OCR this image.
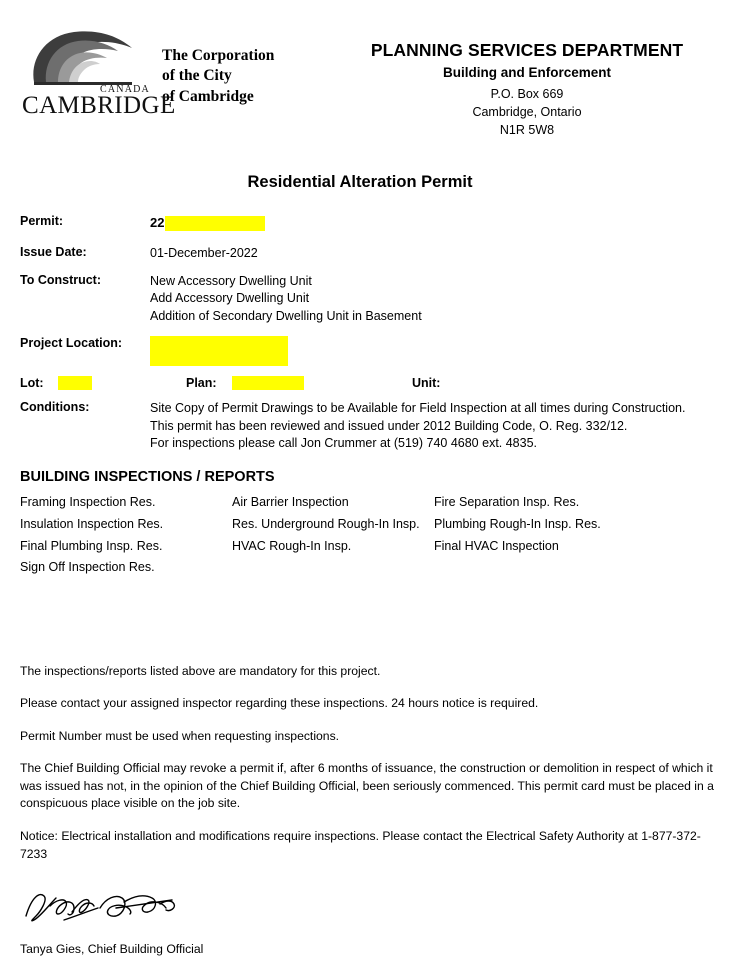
CANADA
CAMBRIDGE
The Corporation
of the City
of Cambridge
PLANNING SERVICES DEPARTMENT
Building and Enforcement
P.O. Box 669
Cambridge, Ontario
N1R 5W8
Residential Alteration Permit
Permit:	22
Issue Date:	01-December-2022
To Construct:	New Accessory Dwelling Unit
Add Accessory Dwelling Unit
Addition of Secondary Dwelling Unit in Basement
Project Location:
Lot:	Plan:	Unit:
Conditions:	Site Copy of Permit Drawings to be Available for Field Inspection at all times during Construction.
This permit has been reviewed and issued under 2012 Building Code, O. Reg. 332/12.
For inspections please call Jon Crummer at (519) 740 4680 ext. 4835.
BUILDING INSPECTIONS / REPORTS
Framing Inspection Res.	Air Barrier Inspection	Fire Separation Insp. Res.
Insulation Inspection Res.	Res. Underground Rough-In Insp.	Plumbing Rough-In Insp. Res.
Final Plumbing Insp. Res.	HVAC Rough-In Insp.	Final HVAC Inspection
Sign Off Inspection Res.

The inspections/reports listed above are mandatory for this project.

Please contact your assigned inspector regarding these inspections. 24 hours notice is required.

Permit Number must be used when requesting inspections.

The Chief Building Official may revoke a permit if, after 6 months of issuance, the construction or demolition in respect of which it was issued has not, in the opinion of the Chief Building Official, been seriously commenced. This permit card must be placed in a conspicuous place visible on the job site.

Notice: Electrical installation and modifications require inspections. Please contact the Electrical Safety Authority at 1-877-372-7233

Tanya Gies, Chief Building Official
